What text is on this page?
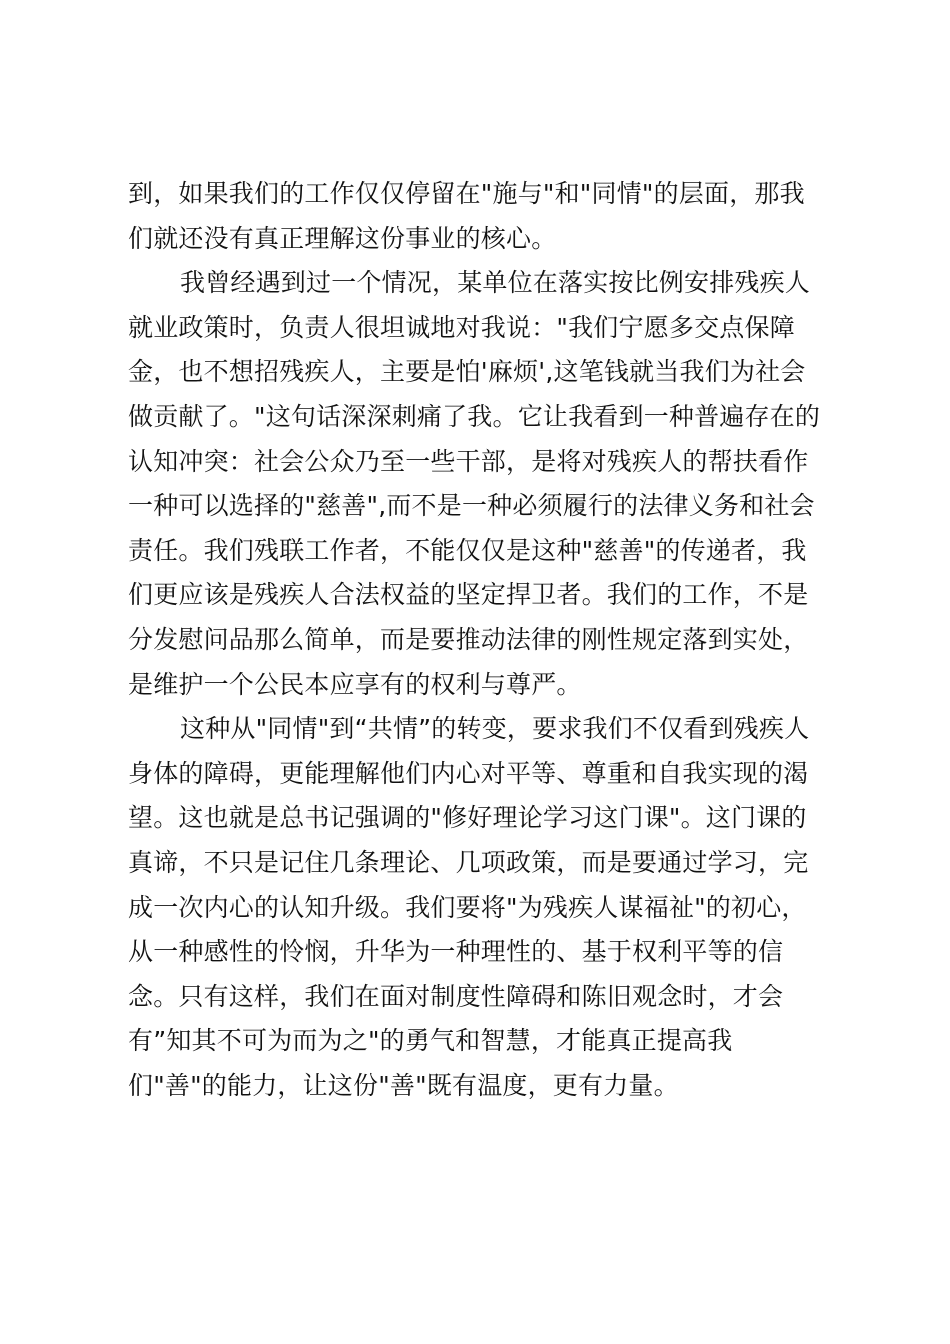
到，如果我们的工作仅仅停留在"施与"和"同情"的层面，那我
们就还没有真正理解这份事业的核心。
我曾经遇到过一个情况，某单位在落实按比例安排残疾人
就业政策时，负责人很坦诚地对我说："我们宁愿多交点保障
金，也不想招残疾人，主要是怕'麻烦',这笔钱就当我们为社会
做贡献了。"这句话深深刺痛了我。它让我看到一种普遍存在的
认知冲突：社会公众乃至一些干部，是将对残疾人的帮扶看作
一种可以选择的"慈善",而不是一种必须履行的法律义务和社会
责任。我们残联工作者，不能仅仅是这种"慈善"的传递者，我
们更应该是残疾人合法权益的坚定捍卫者。我们的工作，不是
分发慰问品那么简单，而是要推动法律的刚性规定落到实处，
是维护一个公民本应享有的权利与尊严。
这种从"同情"到“共情”的转变，要求我们不仅看到残疾人
身体的障碍，更能理解他们内心对平等、尊重和自我实现的渴
望。这也就是总书记强调的"修好理论学习这门课"。这门课的
真谛，不只是记住几条理论、几项政策，而是要通过学习，完
成一次内心的认知升级。我们要将"为残疾人谋福祉"的初心，
从一种感性的怜悯，升华为一种理性的、基于权利平等的信
念。只有这样，我们在面对制度性障碍和陈旧观念时，才会
有”知其不可为而为之"的勇气和智慧，才能真正提高我
们"善"的能力，让这份"善"既有温度，更有力量。
